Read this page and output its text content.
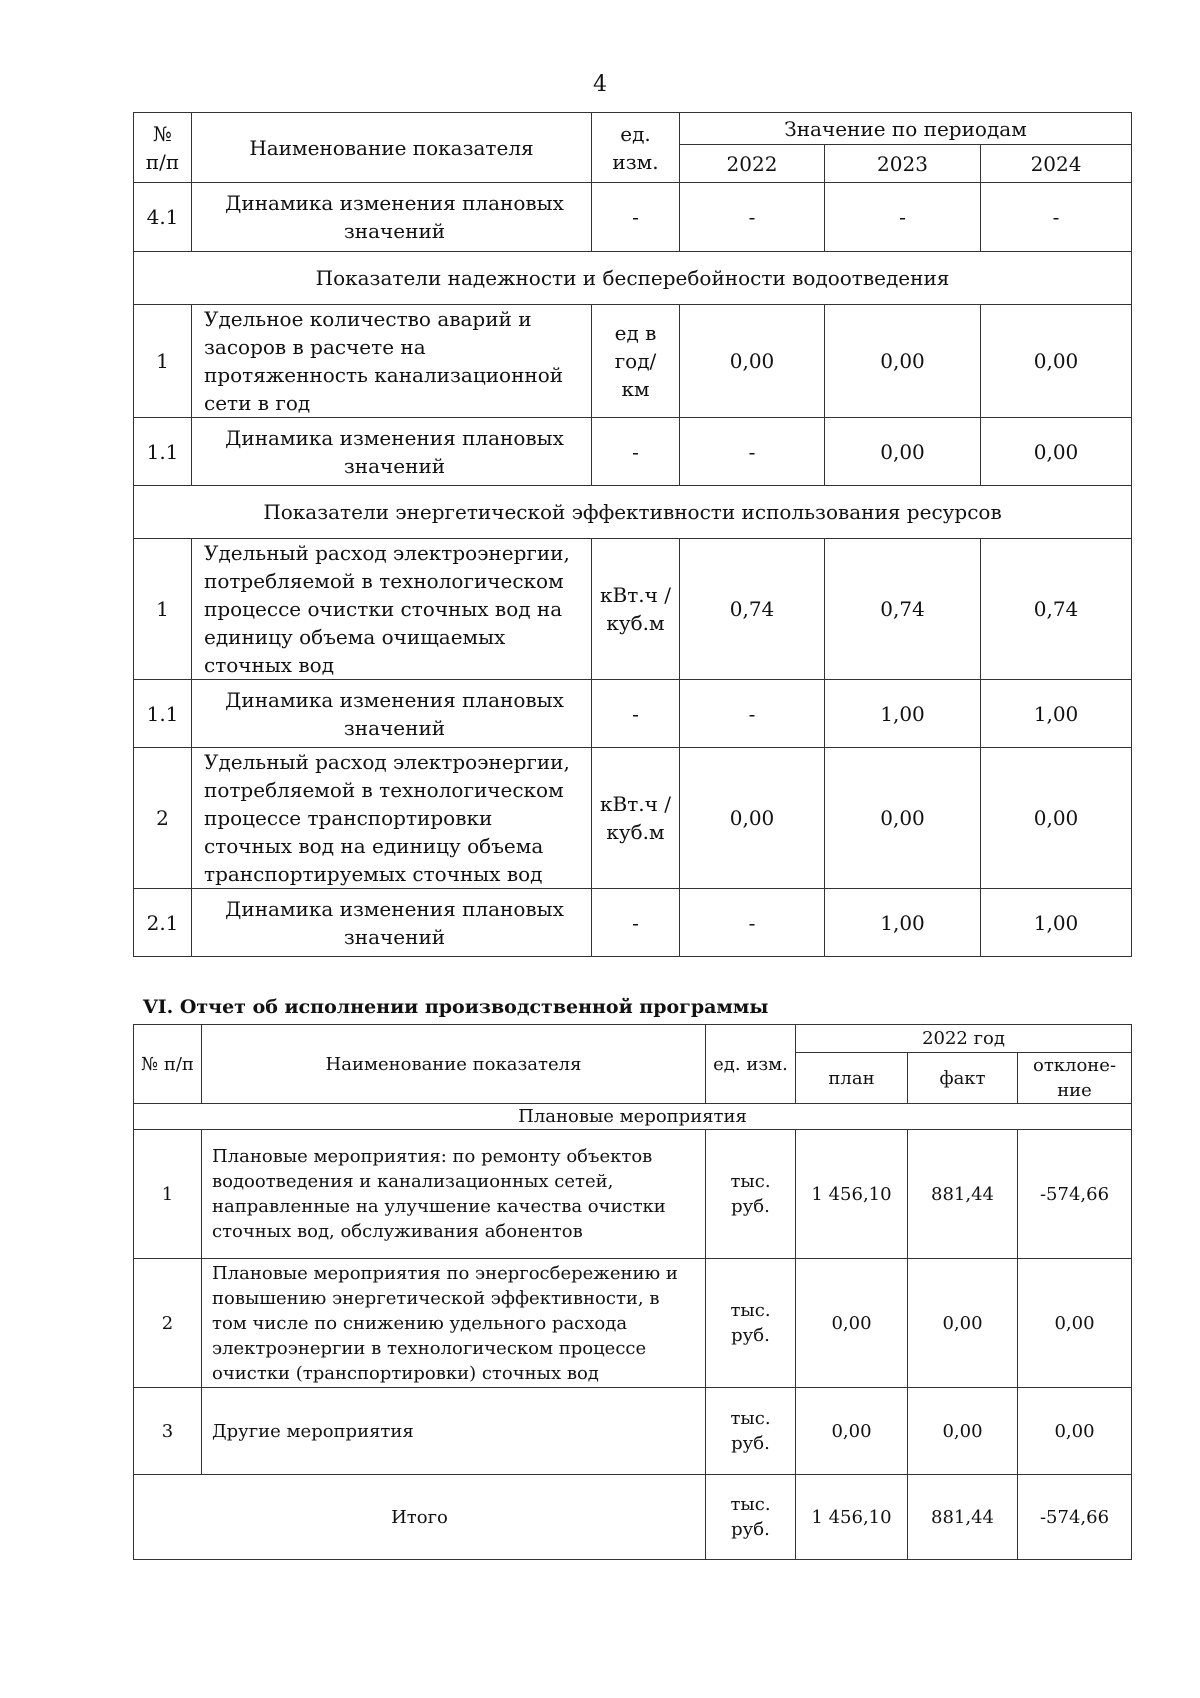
4
№ п/п	Наименование показателя	ед. изм.	Значение по периодам		
			2022	2023	2024
4.1	Динамика изменения плановых значений	-	-	-	-
Показатели надежности и бесперебойности водоотведения					
1	Удельное количество аварий и засоров в расчете на протяженность канализационной сети в год	ед в год/ км	0,00	0,00	0,00
1.1	Динамика изменения плановых значений	-	-	0,00	0,00
Показатели энергетической эффективности использования ресурсов					
1	Удельный расход электроэнергии, потребляемой в технологическом процессе очистки сточных вод на единицу объема очищаемых сточных вод	кВт.ч / куб.м	0,74	0,74	0,74
1.1	Динамика изменения плановых значений	-	-	1,00	1,00
2	Удельный расход электроэнергии, потребляемой в технологическом процессе транспортировки сточных вод на единицу объема транспортируемых сточных вод	кВт.ч / куб.м	0,00	0,00	0,00
2.1	Динамика изменения плановых значений	-	-	1,00	1,00
VI. Отчет об исполнении производственной программы
№ п/п	Наименование показателя	ед. изм.	2022 год		
			план	факт	отклоне-ние
Плановые мероприятия					
1	Плановые мероприятия: по ремонту объектов водоотведения и канализационных сетей, направленные на улучшение качества очистки сточных вод, обслуживания абонентов	тыс. руб.	1 456,10	881,44	-574,66
2	Плановые мероприятия по энергосбережению и повышению энергетической эффективности, в том числе по снижению удельного расхода электроэнергии в технологическом процессе очистки (транспортировки) сточных вод	тыс. руб.	0,00	0,00	0,00
3	Другие мероприятия	тыс. руб.	0,00	0,00	0,00
Итого		тыс. руб.	1 456,10	881,44	-574,66
